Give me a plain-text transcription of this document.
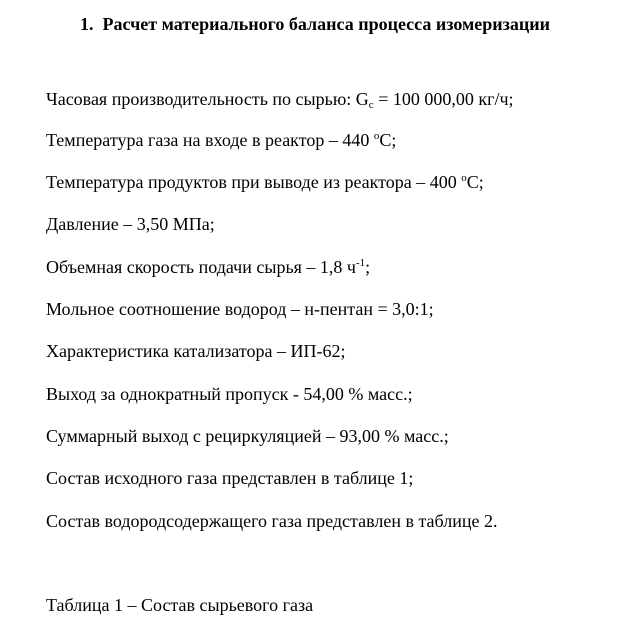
1. Расчет материального баланса процесса изомеризации
Часовая производительность по сырью: $G_c = 100$ 000,00 кг/ч;
Температура газа на входе в реактор – 440 $^o$C;
Температура продуктов при выводе из реактора – 400 $^o$C;
Давление – 3,50 МПа;
Объемная скорость подачи сырья – 1,8 $ч^{-1}$;
Мольное соотношение водород – н-пентан = 3,0:1;
Характеристика катализатора – ИП-62;
Выход за однократный пропуск - 54,00 % масс.;
Суммарный выход с рециркуляцией – 93,00 % масс.;
Состав исходного газа представлен в таблице 1;
Состав водородсодержащего газа представлен в таблице 2.
Таблица 1 – Состав сырьевого газа
